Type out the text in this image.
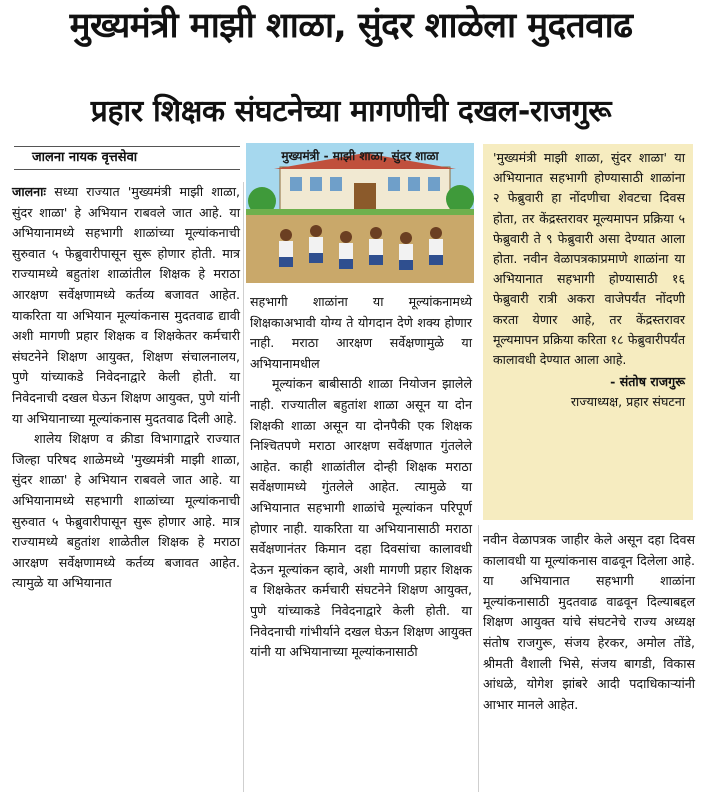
मुख्यमंत्री माझी शाळा, सुंदर शाळेला मुदतवाढ
प्रहार शिक्षक संघटनेच्या मागणीची दखल-राजगुरू
जालना नायक वृत्तसेवा

जालनाः सध्या राज्यात 'मुख्यमंत्री माझी शाळा, सुंदर शाळा' हे अभियान राबवले जात आहे. या अभियानामध्ये सहभागी शाळांच्या मूल्यांकनाची सुरुवात ५ फेब्रुवारीपासून सुरू होणार होती. मात्र राज्यामध्ये बहुतांश शाळांतील शिक्षक हे मराठा आरक्षण सर्वेक्षणामध्ये कर्तव्य बजावत आहेत. याकरिता या अभियान मूल्यांकनास मुदतवाढ द्यावी अशी मागणी प्रहार शिक्षक व शिक्षकेतर कर्मचारी संघटनेने शिक्षण आयुक्त, शिक्षण संचालनालय, पुणे यांच्याकडे निवेदनाद्वारे केली होती. या निवेदनाची दखल घेऊन शिक्षण आयुक्त, पुणे यांनी या अभियानाच्या मूल्यांकनास मुदतवाढ दिली आहे.

शालेय शिक्षण व क्रीडा विभागाद्वारे राज्यात जिल्हा परिषद शाळेमध्ये 'मुख्यमंत्री माझी शाळा, सुंदर शाळा' हे अभियान राबवले जात आहे. या अभियानामध्ये सहभागी शाळांच्या मूल्यांकनाची सुरुवात ५ फेब्रुवारीपासून सुरू होणार आहे. मात्र राज्यामध्ये बहुतांश शाळेतील शिक्षक हे मराठा आरक्षण सर्वेक्षणामध्ये कर्तव्य बजावत आहेत. त्यामुळे या अभियानात

मुख्यमंत्री - माझी शाळा, सुंदर शाळा

सहभागी शाळांना या मूल्यांकनामध्ये शिक्षकाअभावी योग्य ते योगदान देणे शक्य होणार नाही. मराठा आरक्षण सर्वेक्षणामुळे या अभियानामधील

मूल्यांकन बाबीसाठी शाळा नियोजन झालेले नाही. राज्यातील बहुतांश शाळा असून या दोन शिक्षकी शाळा असून या दोनपैकी एक शिक्षक निश्चितपणे मराठा आरक्षण सर्वेक्षणात गुंतलेले आहेत. काही शाळांतील दोन्ही शिक्षक मराठा सर्वेक्षणामध्ये गुंतलेले आहेत. त्यामुळे या अभियानात सहभागी शाळांचे मूल्यांकन परिपूर्ण होणार नाही. याकरिता या अभियानासाठी मराठा सर्वेक्षणानंतर किमान दहा दिवसांचा कालावधी देऊन मूल्यांकन व्हावे, अशी मागणी प्रहार शिक्षक व शिक्षकेतर कर्मचारी संघटनेने शिक्षण आयुक्त, पुणे यांच्याकडे निवेदनाद्वारे केली होती. या निवेदनाची गांभीर्याने दखल घेऊन शिक्षण आयुक्त यांनी या अभियानाच्या मूल्यांकनासाठी

'मुख्यमंत्री माझी शाळा, सुंदर शाळा' या अभियानात सहभागी होण्यासाठी शाळांना २ फेब्रुवारी हा नोंदणीचा शेवटचा दिवस होता, तर केंद्रस्तरावर मूल्यमापन प्रक्रिया ५ फेब्रुवारी ते ९ फेब्रुवारी असा देण्यात आला होता. नवीन वेळापत्रकाप्रमाणे शाळांना या अभियानात सहभागी होण्यासाठी १६ फेब्रुवारी रात्री अकरा वाजेपर्यंत नोंदणी करता येणार आहे, तर केंद्रस्तरावर मूल्यमापन प्रक्रिया करिता १८ फेब्रुवारीपर्यंत कालावधी देण्यात आला आहे.

- संतोष राजगुरू
राज्याध्यक्ष, प्रहार संघटना

नवीन वेळापत्रक जाहीर केले असून दहा दिवस कालावधी या मूल्यांकनास वाढवून दिलेला आहे. या अभियानात सहभागी शाळांना मूल्यांकनासाठी मुदतवाढ वाढवून दिल्याबद्दल शिक्षण आयुक्त यांचे संघटनेचे राज्य अध्यक्ष संतोष राजगुरू, संजय हेरकर, अमोल तोंडे, श्रीमती वैशाली भिसे, संजय बागडी, विकास आंधळे, योगेश झांबरे आदी पदाधिकाऱ्यांनी आभार मानले आहेत.
